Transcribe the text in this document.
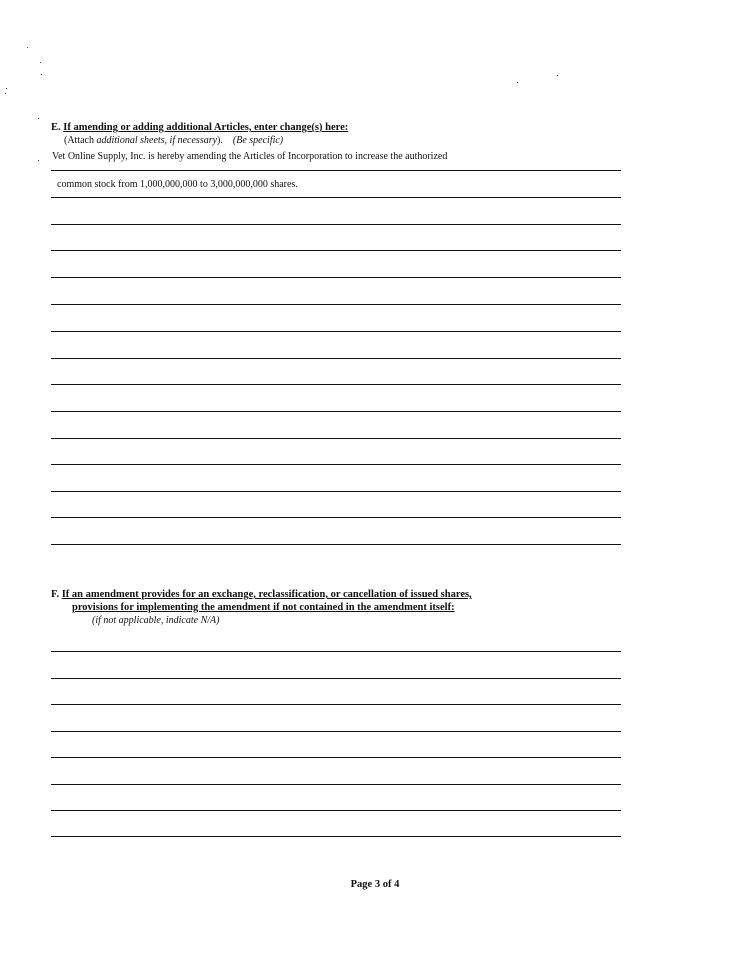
E. If amending or adding additional Articles, enter change(s) here:
(Attach additional sheets, if necessary). (Be specific)
Vet Online Supply, Inc. is hereby amending the Articles of Incorporation to increase the authorized
common stock from 1,000,000,000 to 3,000,000,000 shares.
F. If an amendment provides for an exchange, reclassification, or cancellation of issued shares,
provisions for implementing the amendment if not contained in the amendment itself:
(if not applicable, indicate N/A)
Page 3 of 4
